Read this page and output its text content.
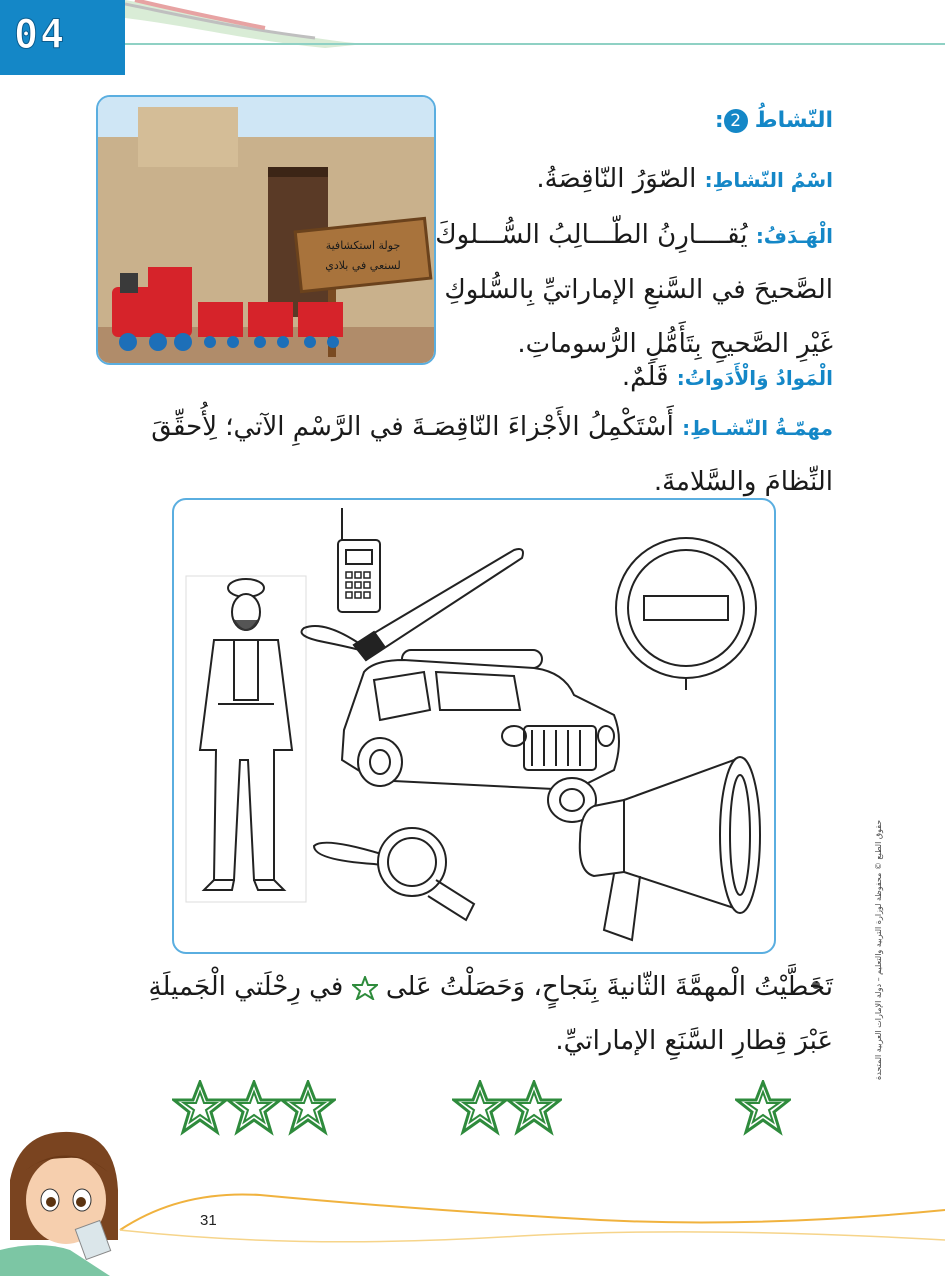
04
جولة استكشافية
لسنعي في بلادي
النّشاطُ 2:
اسْمُ النّشاطِ: الصّوَرُ النّاقِصَةُ.
الْهَـدَفُ: يُقــــارِنُ الطّـــالِبُ السُّـــلوكَ الصَّحيحَ في السَّنعِ الإماراتيِّ بِالسُّلوكِ غَيْرِ الصَّحيحِ بِتَأَمُّلِ الرُّسوماتِ.
الْمَوادُ وَالْأَدَواتُ: قَلَمٌ.
مهمّـةُ النّشـاطِ: أَسْتَكْمِلُ الأَجْزاءَ النّاقِصَـةَ في الرَّسْمِ الآتي؛ لِأُحقِّقَ النِّظامَ والسَّلامةَ.
تَخَطَّيْتُ الْمهمَّةَ الثّانيةَ بِنَجاحٍ، وَحَصَلْتُ عَلى  في رِحْلَتي الْجَميلَةِ عَبْرَ قِطارِ السَّنَعِ الإماراتيِّ.	حقوق الطبع © محفوظة لوزارة التربية والتعليم – دولة الإمارات العربية المتحدة
31
